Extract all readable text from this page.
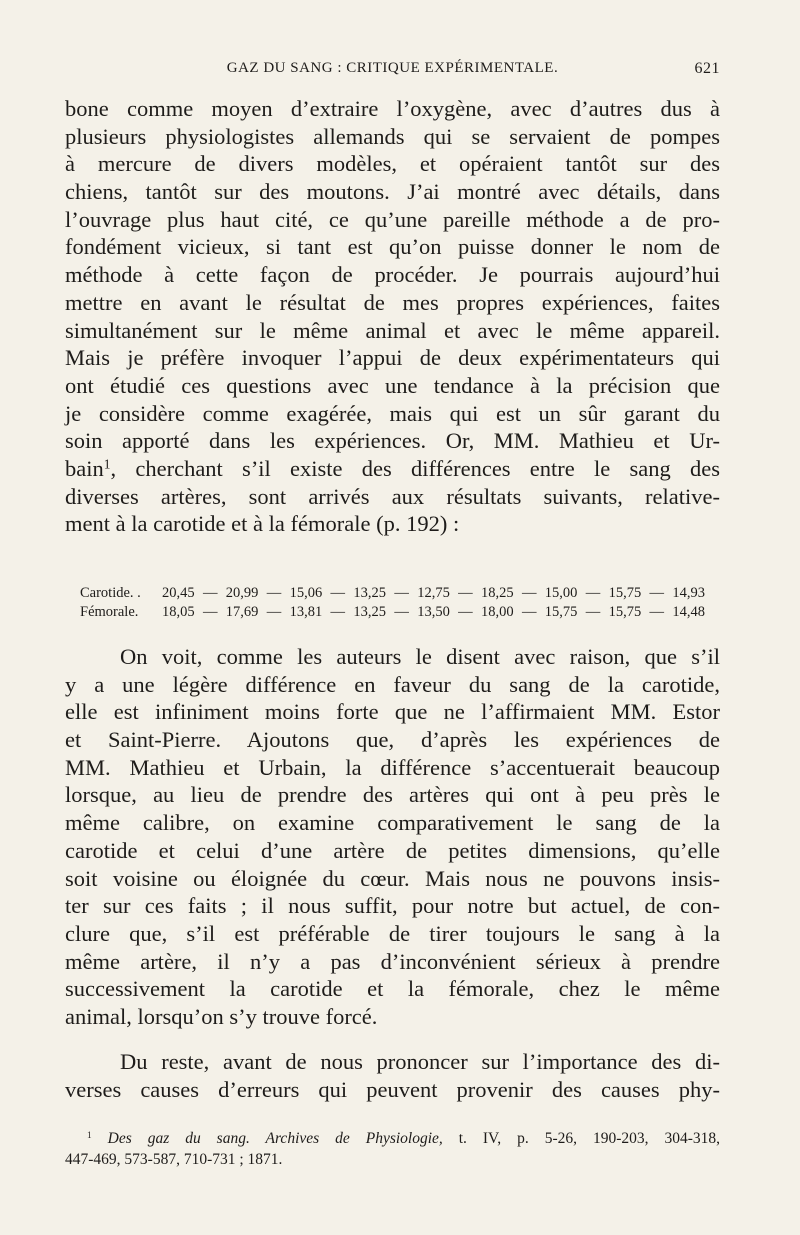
GAZ DU SANG : CRITIQUE EXPÉRIMENTALE.	621
bone comme moyen d’extraire l’oxygène, avec d’autres dus à
plusieurs physiologistes allemands qui se servaient de pompes
à mercure de divers modèles, et opéraient tantôt sur des
chiens, tantôt sur des moutons. J’ai montré avec détails, dans
l’ouvrage plus haut cité, ce qu’une pareille méthode a de pro-
fondément vicieux, si tant est qu’on puisse donner le nom de
méthode à cette façon de procéder. Je pourrais aujourd’hui
mettre en avant le résultat de mes propres expériences, faites
simultanément sur le même animal et avec le même appareil.
Mais je préfère invoquer l’appui de deux expérimentateurs qui
ont étudié ces questions avec une tendance à la précision que
je considère comme exagérée, mais qui est un sûr garant du
soin apporté dans les expériences. Or, MM. Mathieu et Ur-
bain$^1$, cherchant s’il existe des différences entre le sang des
diverses artères, sont arrivés aux résultats suivants, relative-
ment à la carotide et à la fémorale (p. 192) :
Carotide. .	20,45 — 20,99 — 15,06 — 13,25 — 12,75 — 18,25 — 15,00 — 15,75 — 14,93
Fémorale.	18,05 — 17,69 — 13,81 — 13,25 — 13,50 — 18,00 — 15,75 — 15,75 — 14,48
On voit, comme les auteurs le disent avec raison, que s’il
y a une légère différence en faveur du sang de la carotide,
elle est infiniment moins forte que ne l’affirmaient MM. Estor
et Saint-Pierre. Ajoutons que, d’après les expériences de
MM. Mathieu et Urbain, la différence s’accentuerait beaucoup
lorsque, au lieu de prendre des artères qui ont à peu près le
même calibre, on examine comparativement le sang de la
carotide et celui d’une artère de petites dimensions, qu’elle
soit voisine ou éloignée du cœur. Mais nous ne pouvons insis-
ter sur ces faits ; il nous suffit, pour notre but actuel, de con-
clure que, s’il est préférable de tirer toujours le sang à la
même artère, il n’y a pas d’inconvénient sérieux à prendre
successivement la carotide et la fémorale, chez le même
animal, lorsqu’on s’y trouve forcé.
Du reste, avant de nous prononcer sur l’importance des di-
verses causes d’erreurs qui peuvent provenir des causes phy-
$^1$ Des gaz du sang. Archives de Physiologie, t. IV, p. 5-26, 190-203, 304-318,
447-469, 573-587, 710-731 ; 1871.
